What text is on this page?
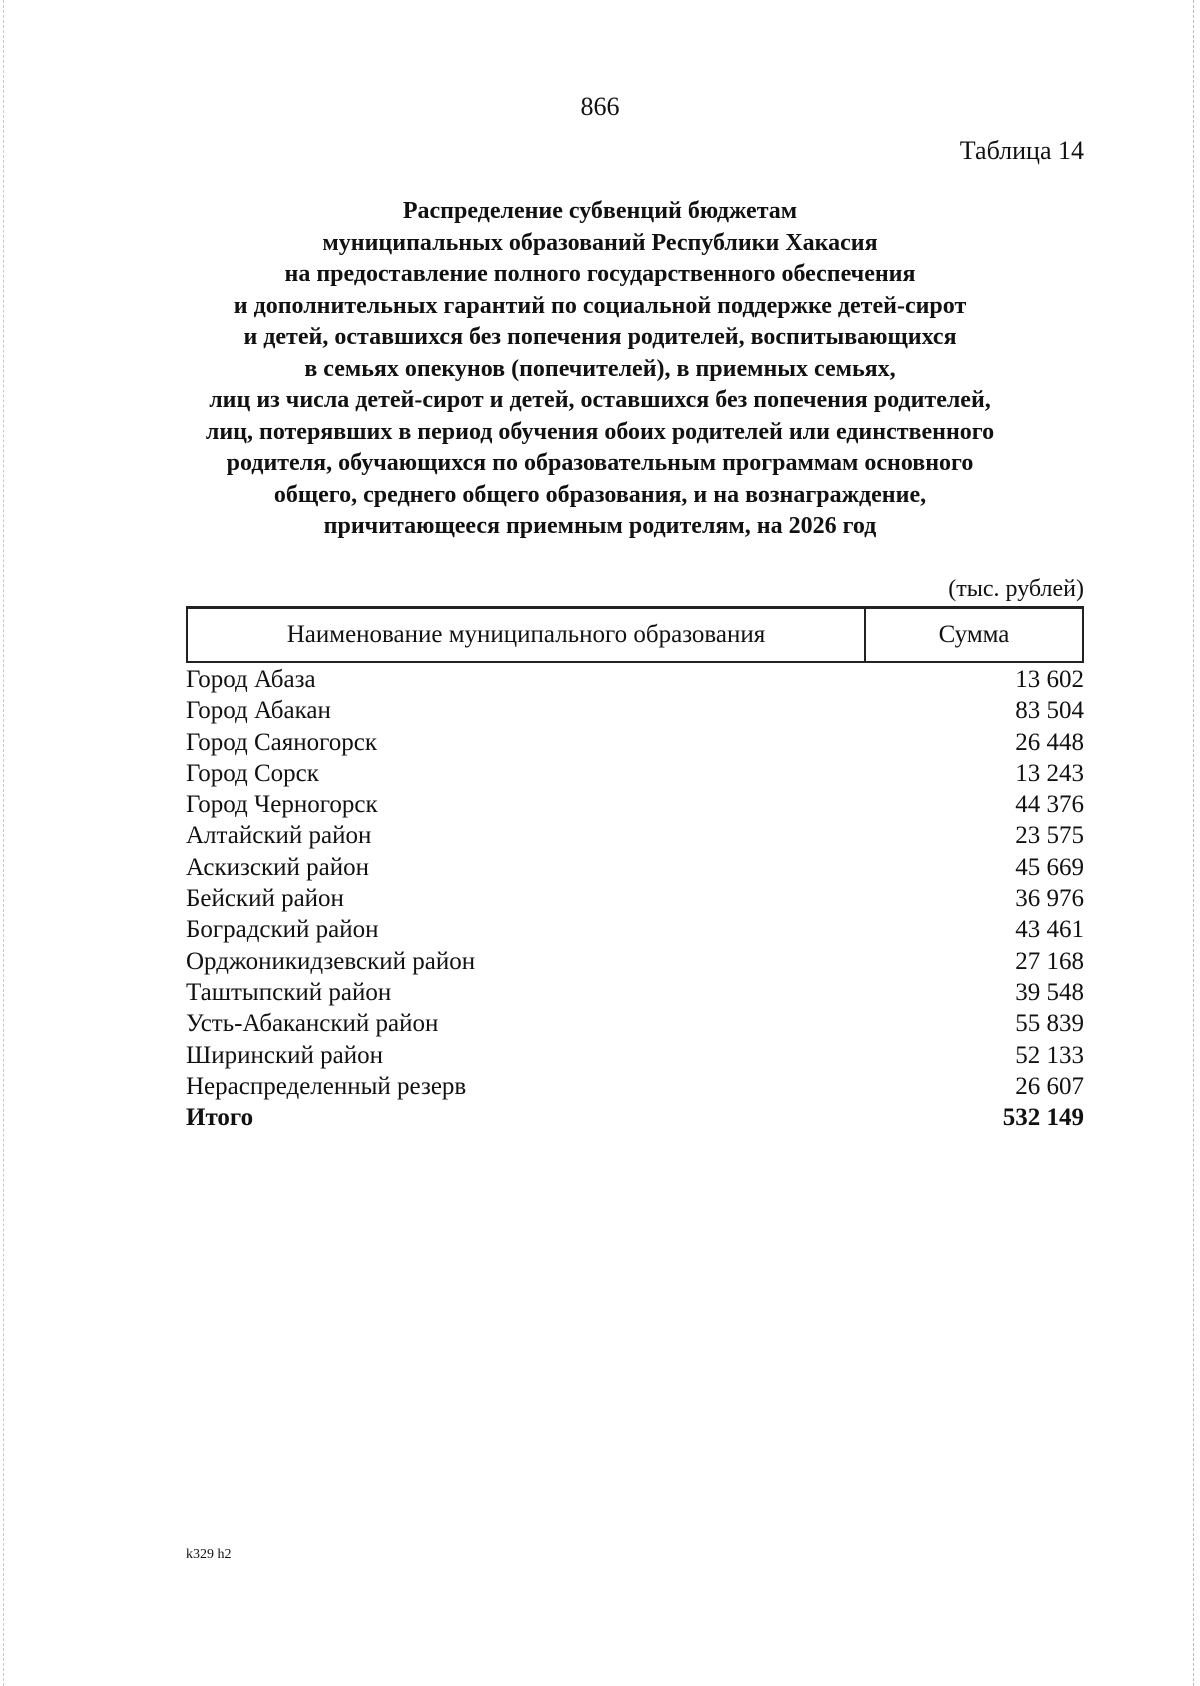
866
Таблица 14
Распределение субвенций бюджетам
муниципальных образований Республики Хакасия
на предоставление полного государственного обеспечения
и дополнительных гарантий по социальной поддержке детей-сирот
и детей, оставшихся без попечения родителей, воспитывающихся
в семьях опекунов (попечителей), в приемных семьях,
лиц из числа детей-сирот и детей, оставшихся без попечения родителей,
лиц, потерявших в период обучения обоих родителей или единственного
родителя, обучающихся по образовательным программам основного
общего, среднего общего образования, и на вознаграждение,
причитающееся приемным родителям, на 2026 год
(тыс. рублей)
Наименование муниципального образования	Сумма
Город Абаза	13 602
Город Абакан	83 504
Город Саяногорск	26 448
Город Сорск	13 243
Город Черногорск	44 376
Алтайский район	23 575
Аскизский район	45 669
Бейский район	36 976
Боградский район	43 461
Орджоникидзевский район	27 168
Таштыпский район	39 548
Усть-Абаканский район	55 839
Ширинский район	52 133
Нераспределенный резерв	26 607
Итого	532 149
k329 h2
